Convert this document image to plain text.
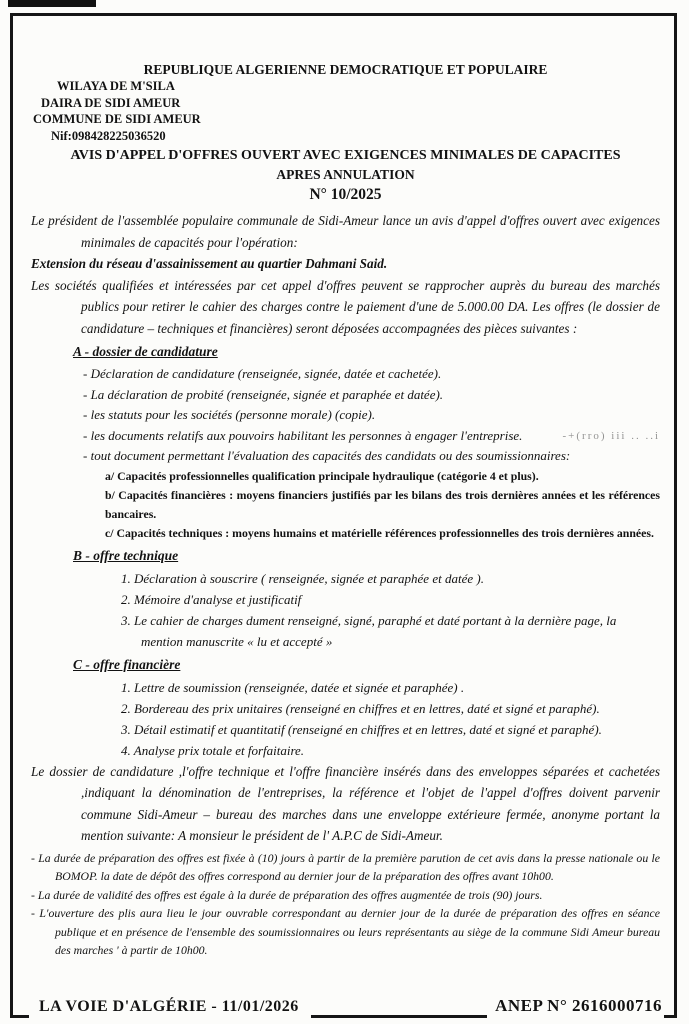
REPUBLIQUE ALGERIENNE DEMOCRATIQUE ET POPULAIRE
WILAYA DE M'SILA
DAIRA DE SIDI AMEUR
COMMUNE DE SIDI AMEUR
Nif:098428225036520
AVIS D'APPEL D'OFFRES OUVERT AVEC EXIGENCES MINIMALES DE CAPACITES
APRES ANNULATION
N° 10/2025

Le président de l'assemblée populaire communale de Sidi-Ameur lance un avis d'appel d'offres ouvert avec exigences minimales de capacités pour l'opération:

Extension du réseau d'assainissement au quartier Dahmani Said.

Les sociétés qualifiées et intéressées par cet appel d'offres peuvent se rapprocher auprès du bureau des marchés publics pour retirer le cahier des charges contre le paiement d'une de 5.000.00 DA. Les offres (le dossier de candidature – techniques et financières) seront déposées accompagnées des pièces suivantes :

A - dossier de candidature
- Déclaration de candidature (renseignée, signée, datée et cachetée).
- La déclaration de probité (renseignée, signée et paraphée et datée).
- les statuts pour les sociétés (personne morale) (copie).
-+(rro) iii .. ..i
- les documents relatifs aux pouvoirs habilitant les personnes à engager l'entreprise.
- tout document permettant l'évaluation des capacités des candidats ou des soumissionnaires:
a/ Capacités professionnelles qualification principale hydraulique (catégorie 4 et plus).
b/ Capacités financières : moyens financiers justifiés par les bilans des trois dernières années et les références bancaires.
c/ Capacités techniques : moyens humains et matérielle références professionnelles des trois dernières années.
B - offre technique
1. Déclaration à souscrire ( renseignée, signée et paraphée et datée ).
2. Mémoire d'analyse et justificatif
3. Le cahier de charges dument renseigné, signé, paraphé et daté portant à la dernière page, la mention manuscrite « lu et accepté »
C - offre financière
1. Lettre de soumission (renseignée, datée et signée et paraphée) .
2. Bordereau des prix unitaires (renseigné en chiffres et en lettres, daté et signé et paraphé).
3. Détail estimatif et quantitatif (renseigné en chiffres et en lettres, daté et signé et paraphé).
4. Analyse prix totale et forfaitaire.

Le dossier de candidature ,l'offre technique et l'offre financière insérés dans des enveloppes séparées et cachetées ,indiquant la dénomination de l'entreprises, la référence et l'objet de l'appel d'offres doivent parvenir commune Sidi-Ameur – bureau des marches dans une enveloppe extérieure fermée, anonyme portant la mention suivante: A monsieur le président de l' A.P.C de Sidi-Ameur.

- La durée de préparation des offres est fixée à (10) jours à partir de la première parution de cet avis dans la presse nationale ou le BOMOP. la date de dépôt des offres correspond au dernier jour de la préparation des offres avant 10h00.

- La durée de validité des offres est égale à la durée de préparation des offres augmentée de trois (90) jours.

- L'ouverture des plis aura lieu le jour ouvrable correspondant au dernier jour de la durée de préparation des offres en séance publique et en présence de l'ensemble des soumissionnaires ou leurs représentants au siège de la commune Sidi Ameur bureau des marches ' à partir de 10h00.

LA VOIE D'ALGÉRIE - 11/01/2026	ANEP N° 2616000716
